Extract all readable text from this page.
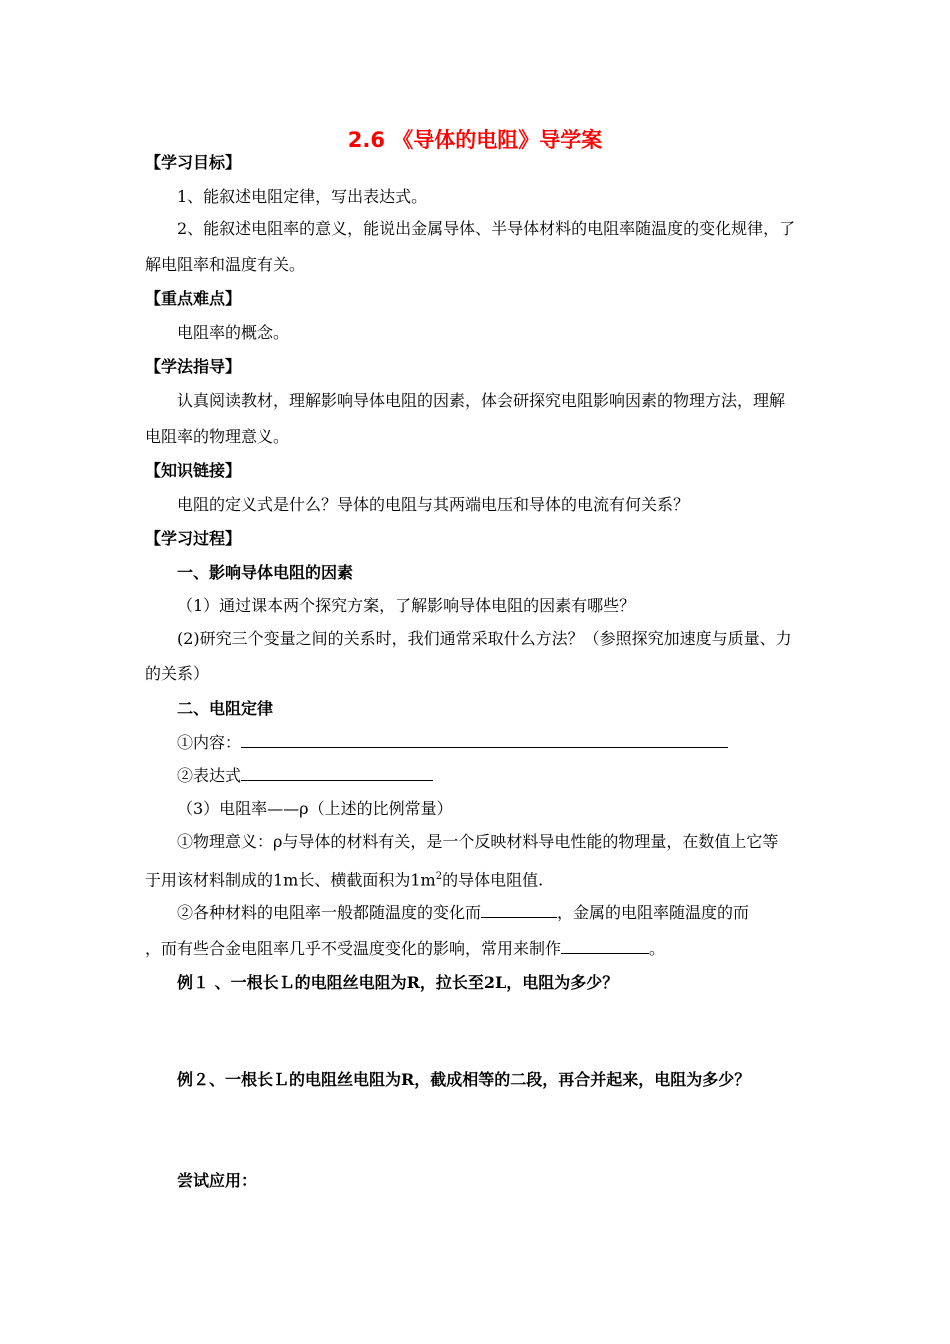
2.6 《导体的电阻》导学案
【学习目标】
1、能叙述电阻定律，写出表达式。
2、能叙述电阻率的意义，能说出金属导体、半导体材料的电阻率随温度的变化规律，了
解电阻率和温度有关。
【重点难点】
电阻率的概念。
【学法指导】
认真阅读教材，理解影响导体电阻的因素，体会研探究电阻影响因素的物理方法，理解
电阻率的物理意义。
【知识链接】
电阻的定义式是什么？导体的电阻与其两端电压和导体的电流有何关系？
【学习过程】
一、影响导体电阻的因素
（1）通过课本两个探究方案，了解影响导体电阻的因素有哪些？
(2)研究三个变量之间的关系时，我们通常采取什么方法？（参照探究加速度与质量、力
的关系）
二、电阻定律
①内容：
②表达式
（3）电阻率——ρ（上述的比例常量）
①物理意义：ρ与导体的材料有关，是一个反映材料导电性能的物理量，在数值上它等
于用该材料制成的1m长、横截面积为$1m^2$的导体电阻值.
②各种材料的电阻率一般都随温度的变化而	，金属的电阻率随温度的而
，而有些合金电阻率几乎不受温度变化的影响，常用来制作	。
例１ 、一根长Ｌ的电阻丝电阻为R，拉长至2L，电阻为多少？
例２、一根长Ｌ的电阻丝电阻为R，截成相等的二段，再合并起来，电阻为多少？
尝试应用：
